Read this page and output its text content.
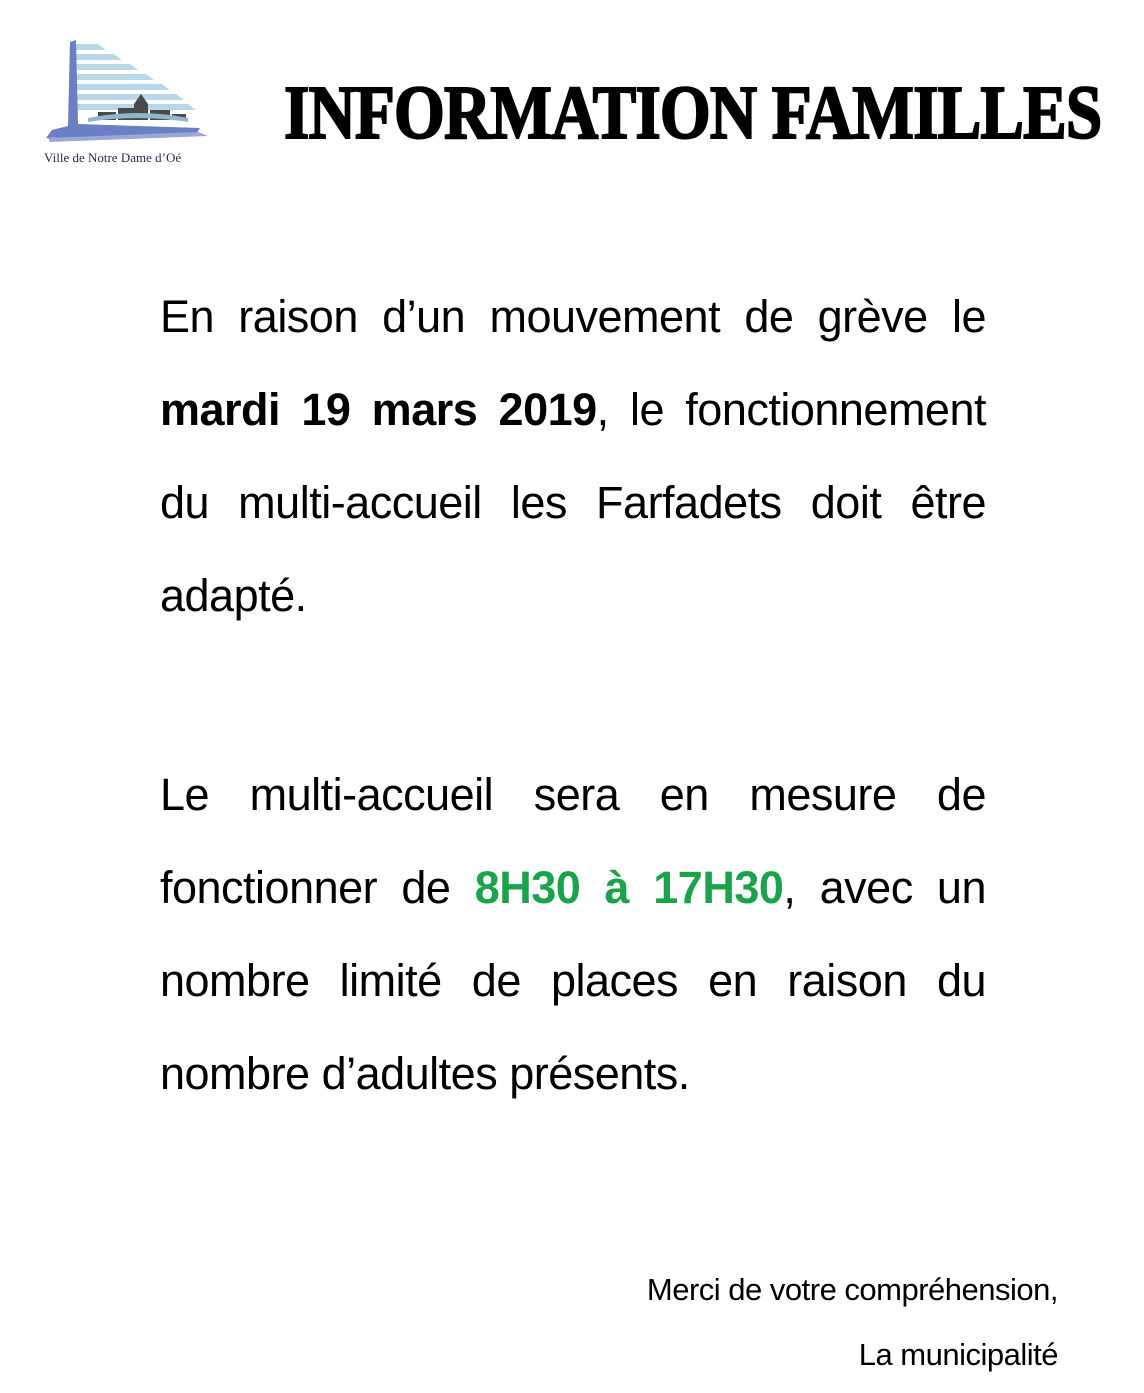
Ville de Notre Dame d’Oé
INFORMATION FAMILLES
En raison d’un mouvement de grève le mardi 19 mars 2019, le fonctionnement du multi-accueil les Farfadets doit être adapté.
Le multi-accueil sera en mesure de fonctionner de 8H30 à 17H30, avec un nombre limité de places en raison du nombre d’adultes présents.
Merci de votre compréhension,
La municipalité
